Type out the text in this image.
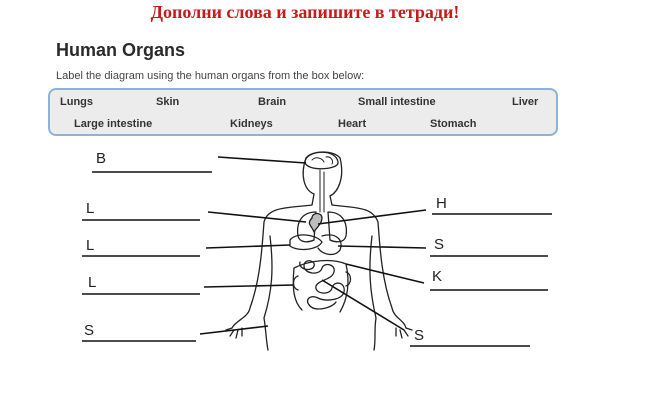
Дополни слова и запишите в тетради!
Human Organs
Label the diagram using the human organs from the box below:
Lungs	Skin	Brain	Small intestine	Liver
Large intestine	Kidneys	Heart	Stomach
B
L
L
L
S
H
S
K
S
